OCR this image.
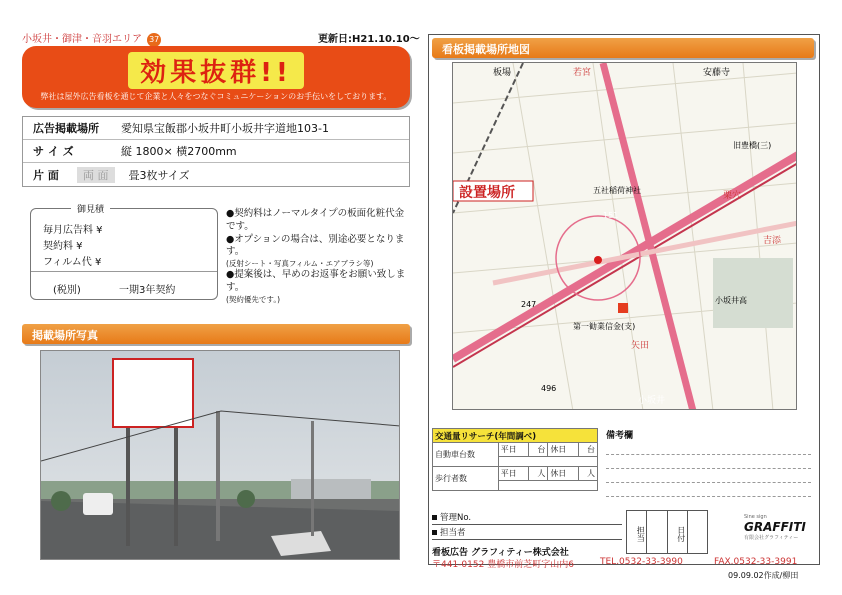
小坂井・御津・音羽エリア 37	更新日:H21.10.10〜
効果抜群!!
弊社は屋外広告看板を通じて企業と人々をつなぐコミュニケーションのお手伝いをしております。
広告掲載場所	愛知県宝飯郡小坂井町小坂井字道地103-1
サ イ ズ	縦 1800× 横2700mm
片 面	両 面	畳3枚サイズ
御見積
毎月広告料 ¥
契約料 ¥
フィルム代 ¥
(税別)	一期3年契約
●契約料はノーマルタイプの板面化粧代金です。
●オプションの場合は、別途必要となります。
(反射シート・写真フィルム・エアブラシ等)
●提案後は、早めのお返事をお願い致します。
(契約優先です。)
掲載場所写真
看板掲載場所地図
設置場所
若宮	安藤寺
板場
五社稲荷神社
栗穴
吉添
小坂井高
第一勧業信金(支)
小坂井
151
247
496
旧豊橋(三)
矢田
交通量リサーチ(年間調べ)				
自動車台数	平日	台	休日	台

歩行者数	平日	人	休日	人

備考欄
管理No.
担当者	担当	日付
Sine sign
GRAFFITI
有限会社グラフィティー
看板広告 グラフィティー株式会社
〒441-0152 豊橋市前芝町字山内6	TEL.0532-33-3990	FAX.0532-33-3991
09.09.02作成/柳田
